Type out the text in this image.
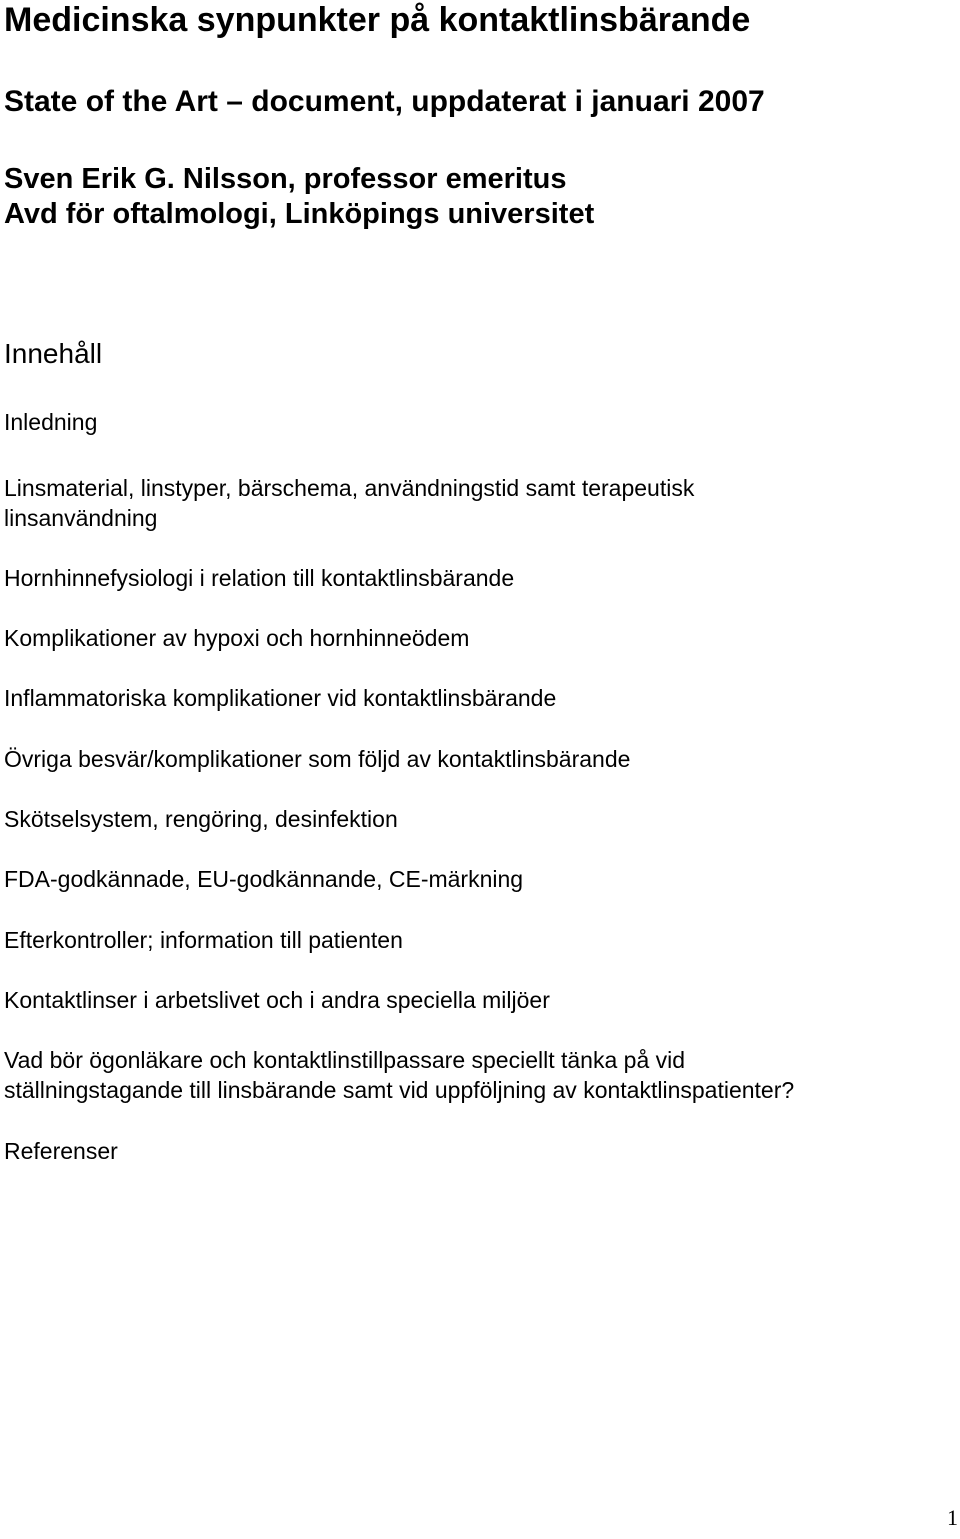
Medicinska synpunkter på kontaktlinsbärande
State of the Art – document, uppdaterat i januari 2007
Sven Erik G. Nilsson, professor emeritus
Avd för oftalmologi, Linköpings universitet
Innehåll
Inledning
Linsmaterial, linstyper, bärschema, användningstid samt terapeutisk
linsanvändning
Hornhinnefysiologi i relation till kontaktlinsbärande
Komplikationer av hypoxi och hornhinneödem
Inflammatoriska komplikationer vid kontaktlinsbärande
Övriga besvär/komplikationer som följd av kontaktlinsbärande
Skötselsystem, rengöring, desinfektion
FDA-godkännade, EU-godkännande, CE-märkning
Efterkontroller; information till patienten
Kontaktlinser i arbetslivet och i andra speciella miljöer
Vad bör ögonläkare och kontaktlinstillpassare speciellt tänka på vid
ställningstagande till linsbärande samt vid uppföljning av kontaktlinspatienter?
Referenser
1
